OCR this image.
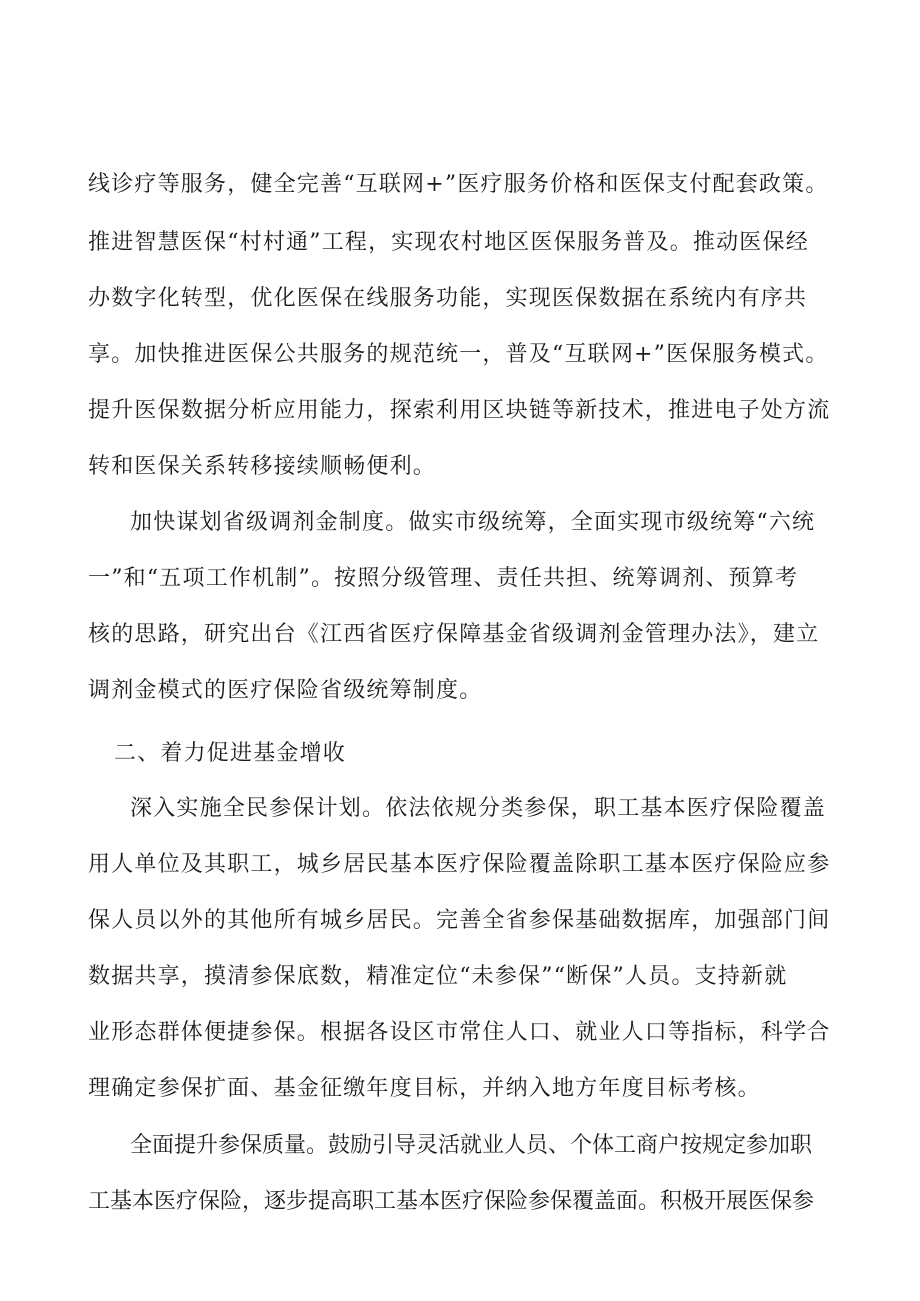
线诊疗等服务，健全完善“互联网+”医疗服务价格和医保支付配套政策。
推进智慧医保“村村通”工程，实现农村地区医保服务普及。推动医保经
办数字化转型，优化医保在线服务功能，实现医保数据在系统内有序共
享。加快推进医保公共服务的规范统一，普及“互联网+”医保服务模式。
提升医保数据分析应用能力，探索利用区块链等新技术，推进电子处方流
转和医保关系转移接续顺畅便利。
加快谋划省级调剂金制度。做实市级统筹，全面实现市级统筹“六统
一”和“五项工作机制”。按照分级管理、责任共担、统筹调剂、预算考
核的思路，研究出台《江西省医疗保障基金省级调剂金管理办法》，建立
调剂金模式的医疗保险省级统筹制度。
二、着力促进基金增收
深入实施全民参保计划。依法依规分类参保，职工基本医疗保险覆盖
用人单位及其职工，城乡居民基本医疗保险覆盖除职工基本医疗保险应参
保人员以外的其他所有城乡居民。完善全省参保基础数据库，加强部门间
数据共享，摸清参保底数，精准定位“未参保”“断保”人员。支持新就
业形态群体便捷参保。根据各设区市常住人口、就业人口等指标，科学合
理确定参保扩面、基金征缴年度目标，并纳入地方年度目标考核。
全面提升参保质量。鼓励引导灵活就业人员、个体工商户按规定参加职
工基本医疗保险，逐步提高职工基本医疗保险参保覆盖面。积极开展医保参
